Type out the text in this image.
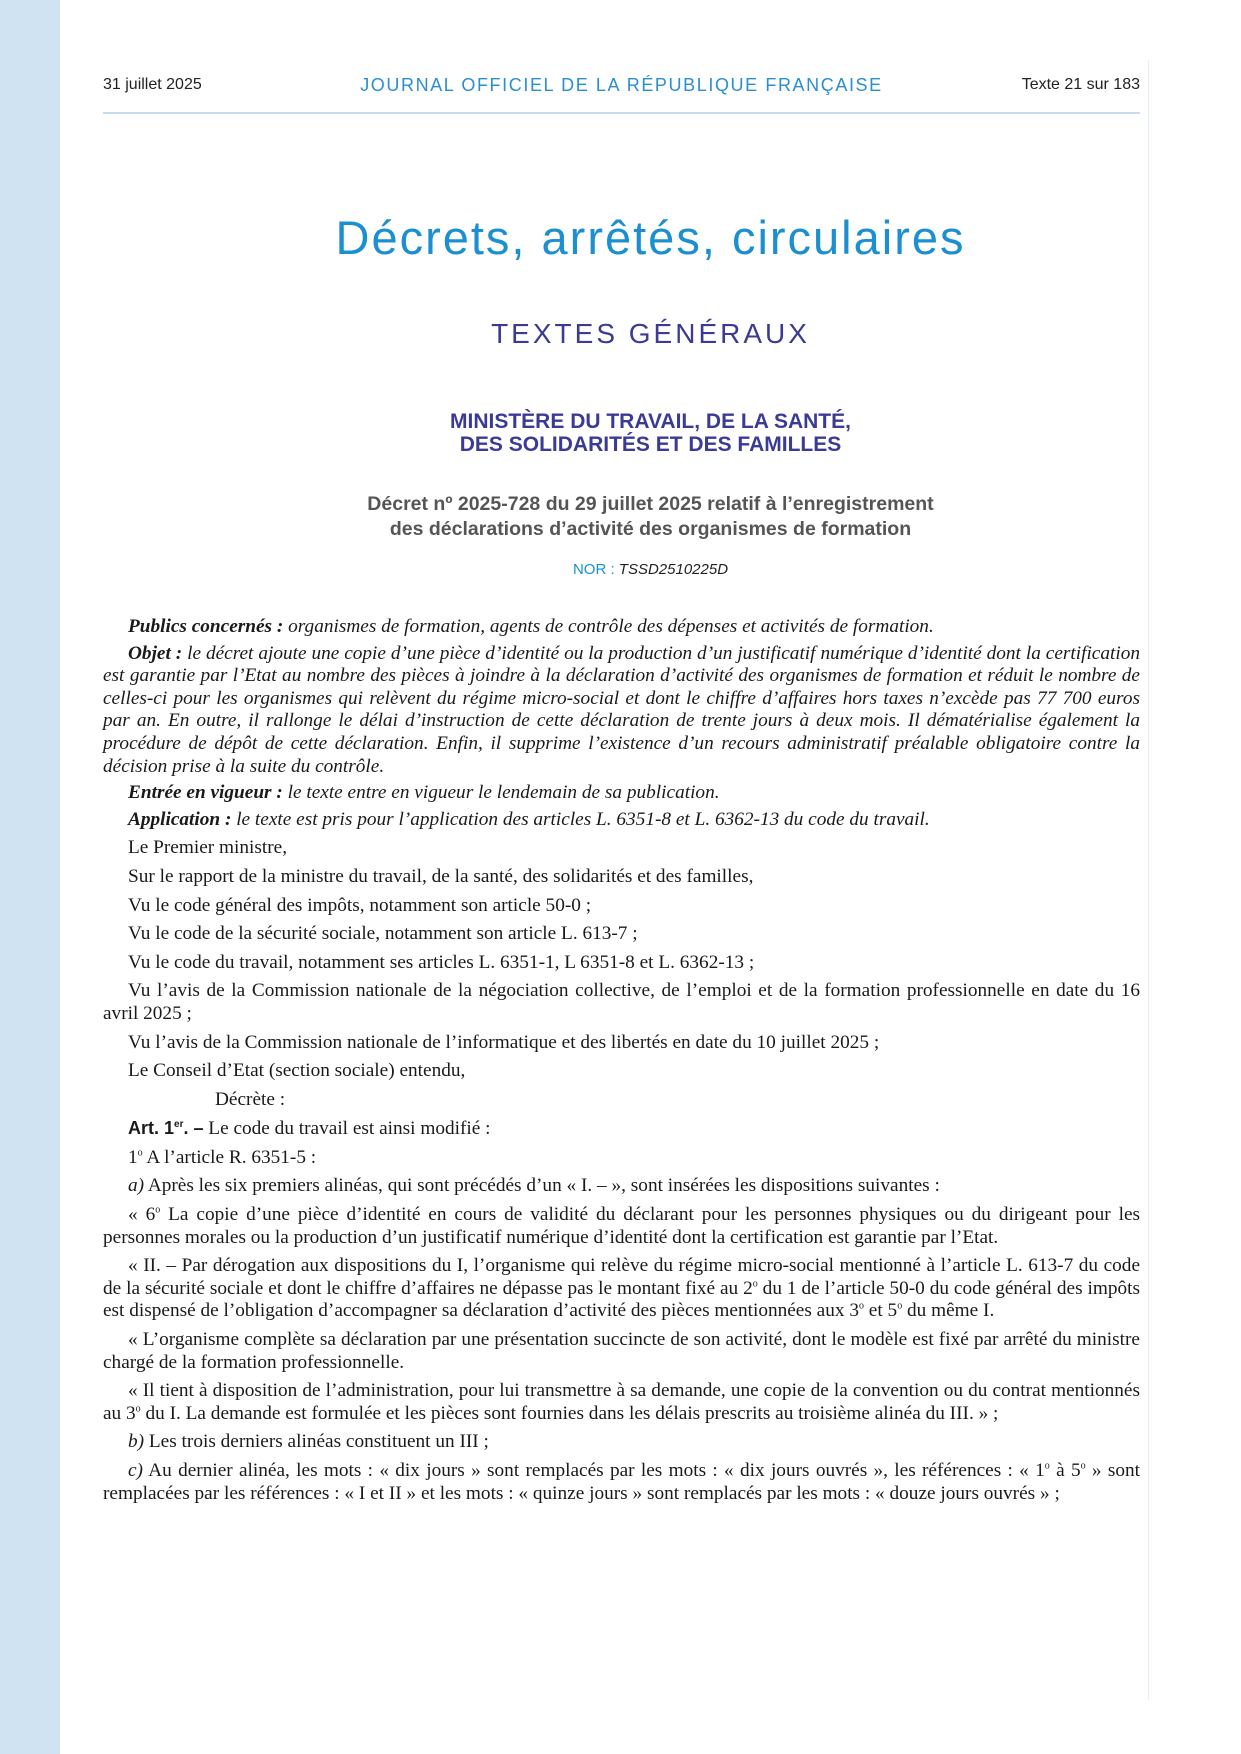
31 juillet 2025	JOURNAL OFFICIEL DE LA RÉPUBLIQUE FRANÇAISE	Texte 21 sur 183
Décrets, arrêtés, circulaires
TEXTES GÉNÉRAUX
MINISTÈRE DU TRAVAIL, DE LA SANTÉ,
DES SOLIDARITÉS ET DES FAMILLES
Décret nº 2025-728 du 29 juillet 2025 relatif à l’enregistrement
des déclarations d’activité des organismes de formation
NOR : TSSD2510225D

Publics concernés : organismes de formation, agents de contrôle des dépenses et activités de formation.

Objet : le décret ajoute une copie d’une pièce d’identité ou la production d’un justificatif numérique d’identité dont la certification est garantie par l’Etat au nombre des pièces à joindre à la déclaration d’activité des organismes de formation et réduit le nombre de celles-ci pour les organismes qui relèvent du régime micro-social et dont le chiffre d’affaires hors taxes n’excède pas 77 700 euros par an. En outre, il rallonge le délai d’instruction de cette déclaration de trente jours à deux mois. Il dématérialise également la procédure de dépôt de cette déclaration. Enfin, il supprime l’existence d’un recours administratif préalable obligatoire contre la décision prise à la suite du contrôle.

Entrée en vigueur : le texte entre en vigueur le lendemain de sa publication.

Application : le texte est pris pour l’application des articles L. 6351-8 et L. 6362-13 du code du travail.

Le Premier ministre,

Sur le rapport de la ministre du travail, de la santé, des solidarités et des familles,

Vu le code général des impôts, notamment son article 50-0 ;

Vu le code de la sécurité sociale, notamment son article L. 613-7 ;

Vu le code du travail, notamment ses articles L. 6351-1, L 6351-8 et L. 6362-13 ;

Vu l’avis de la Commission nationale de la négociation collective, de l’emploi et de la formation professionnelle en date du 16 avril 2025 ;

Vu l’avis de la Commission nationale de l’informatique et des libertés en date du 10 juillet 2025 ;

Le Conseil d’Etat (section sociale) entendu,

Décrète :

Art. 1er. – Le code du travail est ainsi modifié :

1$^o$ A l’article R. 6351-5 :

a) Après les six premiers alinéas, qui sont précédés d’un « I. – », sont insérées les dispositions suivantes :

« 6$^o$ La copie d’une pièce d’identité en cours de validité du déclarant pour les personnes physiques ou du dirigeant pour les personnes morales ou la production d’un justificatif numérique d’identité dont la certification est garantie par l’Etat.

« II. – Par dérogation aux dispositions du I, l’organisme qui relève du régime micro-social mentionné à l’article L. 613-7 du code de la sécurité sociale et dont le chiffre d’affaires ne dépasse pas le montant fixé au 2$^o$ du 1 de l’article 50-0 du code général des impôts est dispensé de l’obligation d’accompagner sa déclaration d’activité des pièces mentionnées aux 3$^o$ et 5$^o$ du même I.

« L’organisme complète sa déclaration par une présentation succincte de son activité, dont le modèle est fixé par arrêté du ministre chargé de la formation professionnelle.

« Il tient à disposition de l’administration, pour lui transmettre à sa demande, une copie de la convention ou du contrat mentionnés au 3$^o$ du I. La demande est formulée et les pièces sont fournies dans les délais prescrits au troisième alinéa du III. » ;

b) Les trois derniers alinéas constituent un III ;

c) Au dernier alinéa, les mots : « dix jours » sont remplacés par les mots : « dix jours ouvrés », les références : « 1$^o$ à 5$^o$ » sont remplacées par les références : « I et II » et les mots : « quinze jours » sont remplacés par les mots : « douze jours ouvrés » ;
